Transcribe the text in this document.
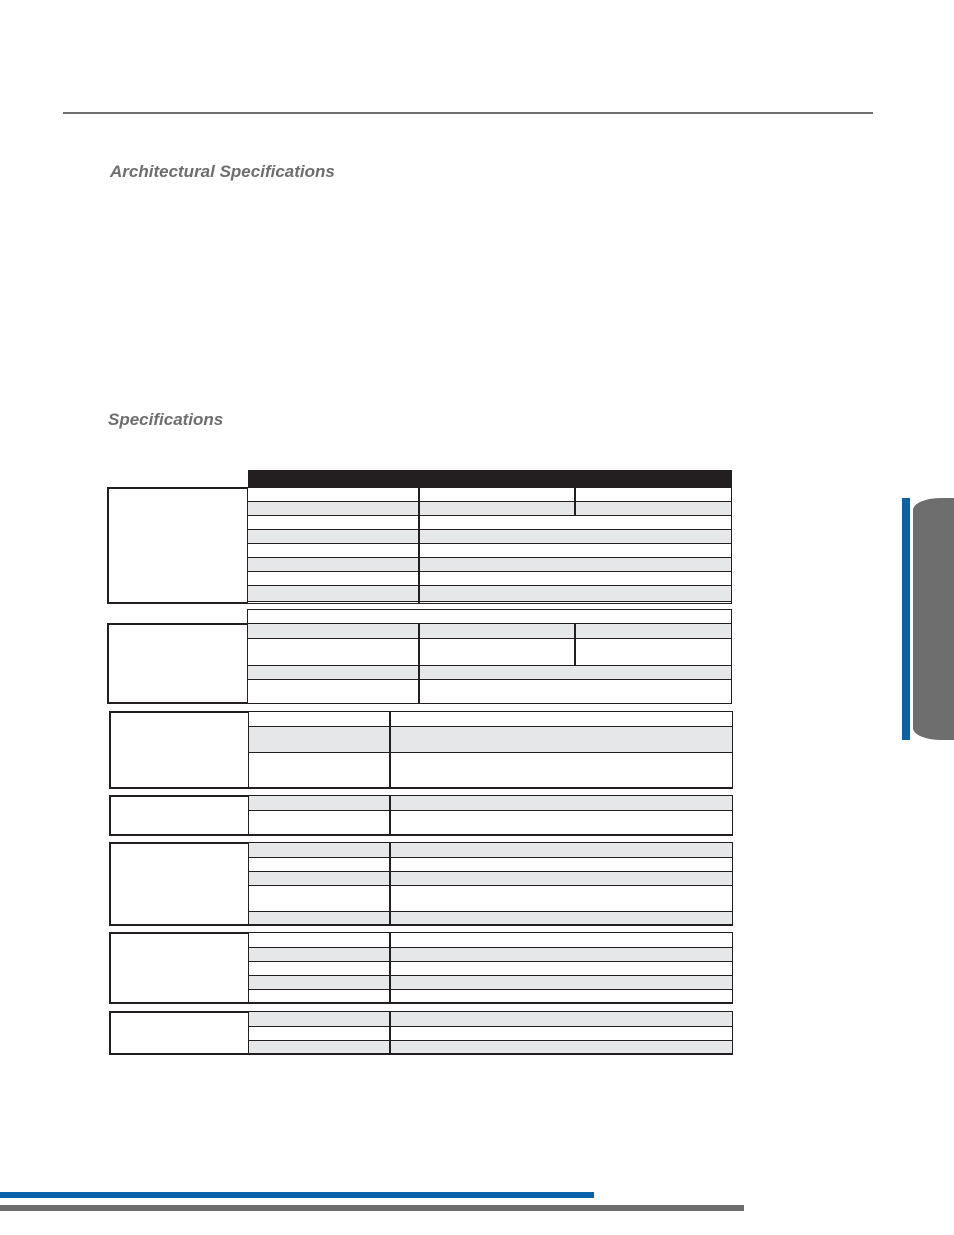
Architectural Specifications
Specifications
